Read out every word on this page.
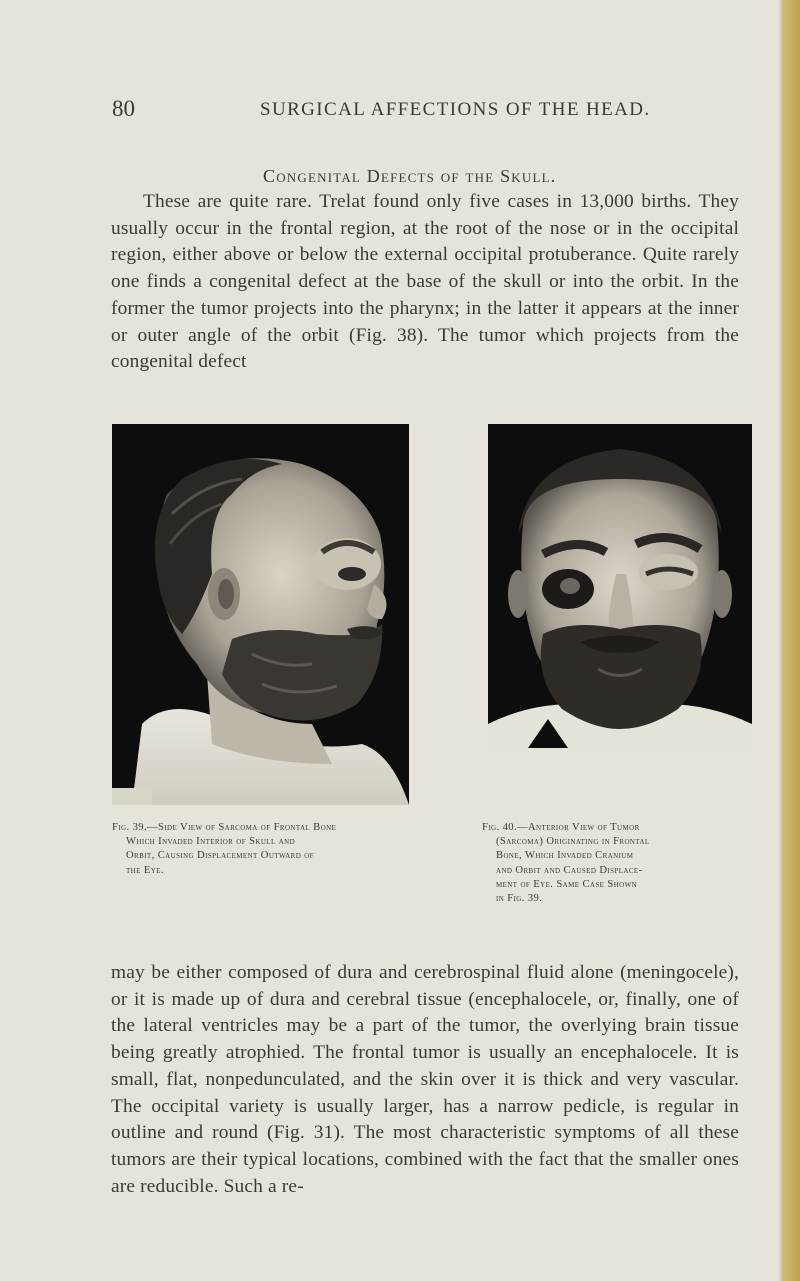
80	SURGICAL AFFECTIONS OF THE HEAD.
Congenital Defects of the Skull.

These are quite rare. Trelat found only five cases in 13,000 births. They usually occur in the frontal region, at the root of the nose or in the occipital region, either above or below the external occipital protuberance. Quite rarely one finds a congenital defect at the base of the skull or into the orbit. In the former the tumor projects into the pharynx; in the latter it appears at the inner or outer angle of the orbit (Fig. 38). The tumor which projects from the congenital defect

Fig. 39.—Side View of Sarcoma of Frontal Bone
Which Invaded Interior of Skull and
Orbit, Causing Displacement Outward of
the Eye.
Fig. 40.—Anterior View of Tumor
(Sarcoma) Originating in Frontal
Bone, Which Invaded Cranium
and Orbit and Caused Displace-
ment of Eye. Same Case Shown
in Fig. 39.

may be either composed of dura and cerebrospinal fluid alone (meningocele), or it is made up of dura and cerebral tissue (encephalocele, or, finally, one of the lateral ventricles may be a part of the tumor, the overlying brain tissue being greatly atrophied. The frontal tumor is usually an encephalocele. It is small, flat, nonpedunculated, and the skin over it is thick and very vascular. The occipital variety is usually larger, has a narrow pedicle, is regular in outline and round (Fig. 31). The most characteristic symptoms of all these tumors are their typical locations, combined with the fact that the smaller ones are reducible. Such a re-
